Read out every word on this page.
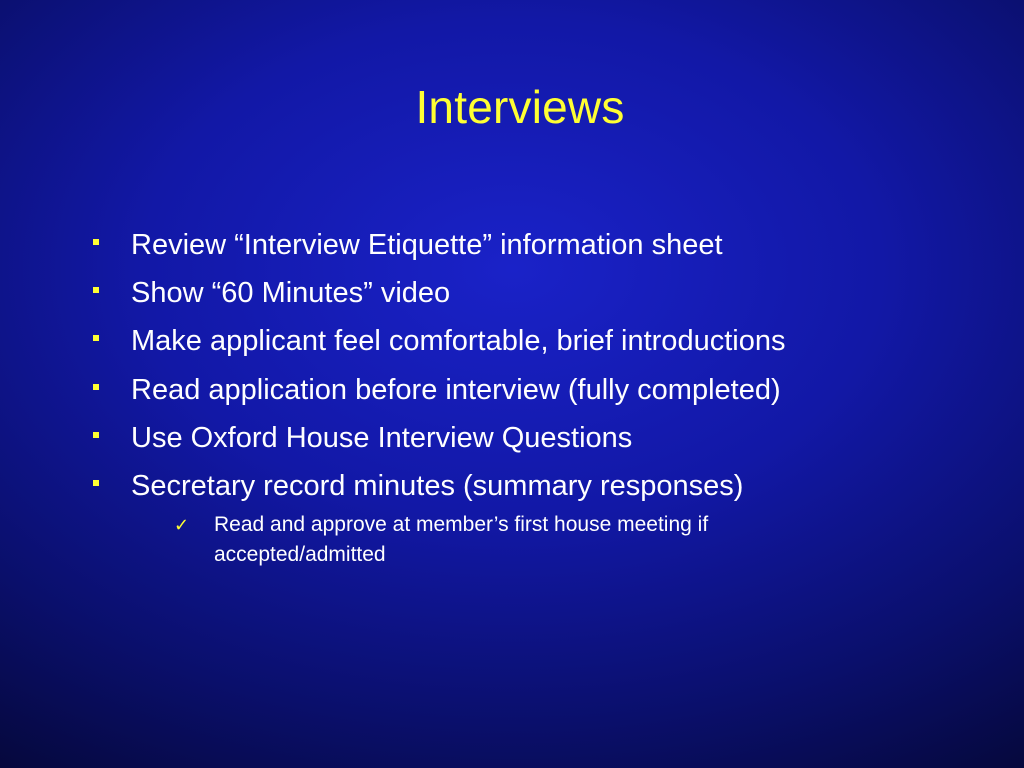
Interviews
Review “Interview Etiquette” information sheet
Show “60 Minutes” video
Make applicant feel comfortable, brief introductions
Read application before interview (fully completed)
Use Oxford House Interview Questions
Secretary record minutes (summary responses)
✓ Read and approve at member’s first house meeting if accepted/admitted
